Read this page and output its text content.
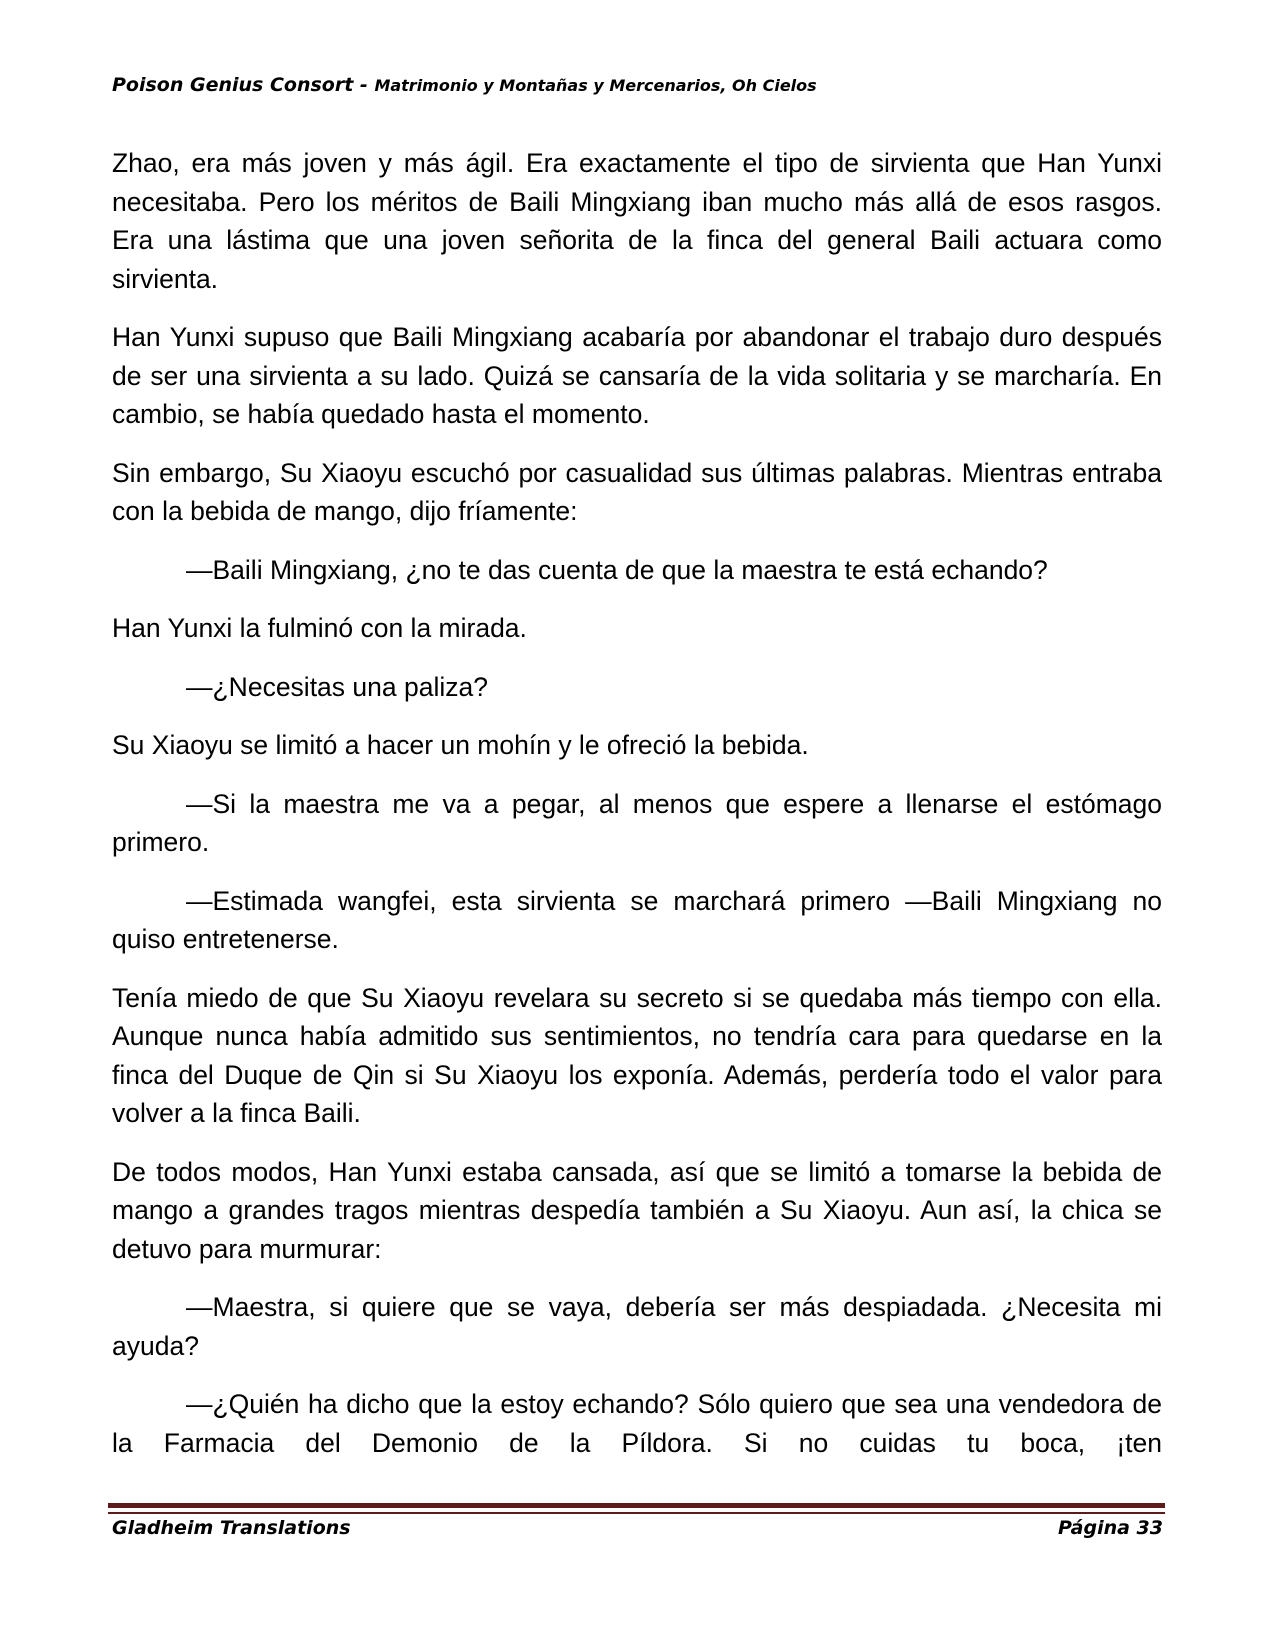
Poison Genius Consort - Matrimonio y Montañas y Mercenarios, Oh Cielos

Zhao, era más joven y más ágil. Era exactamente el tipo de sirvienta que Han Yunxi necesitaba. Pero los méritos de Baili Mingxiang iban mucho más allá de esos rasgos. Era una lástima que una joven señorita de la finca del general Baili actuara como sirvienta.

Han Yunxi supuso que Baili Mingxiang acabaría por abandonar el trabajo duro después de ser una sirvienta a su lado. Quizá se cansaría de la vida solitaria y se marcharía. En cambio, se había quedado hasta el momento.

Sin embargo, Su Xiaoyu escuchó por casualidad sus últimas palabras. Mientras entraba con la bebida de mango, dijo fríamente:

—Baili Mingxiang, ¿no te das cuenta de que la maestra te está echando?

Han Yunxi la fulminó con la mirada.

—¿Necesitas una paliza?

Su Xiaoyu se limitó a hacer un mohín y le ofreció la bebida.

—Si la maestra me va a pegar, al menos que espere a llenarse el estómago primero.

—Estimada wangfei, esta sirvienta se marchará primero —Baili Mingxiang no quiso entretenerse.

Tenía miedo de que Su Xiaoyu revelara su secreto si se quedaba más tiempo con ella. Aunque nunca había admitido sus sentimientos, no tendría cara para quedarse en la finca del Duque de Qin si Su Xiaoyu los exponía. Además, perdería todo el valor para volver a la finca Baili.

De todos modos, Han Yunxi estaba cansada, así que se limitó a tomarse la bebida de mango a grandes tragos mientras despedía también a Su Xiaoyu. Aun así, la chica se detuvo para murmurar:

—Maestra, si quiere que se vaya, debería ser más despiadada. ¿Necesita mi ayuda?

—¿Quién ha dicho que la estoy echando? Sólo quiero que sea una vendedora de la Farmacia del Demonio de la Píldora. Si no cuidas tu boca, ¡ten

Gladheim Translations	Página 33
